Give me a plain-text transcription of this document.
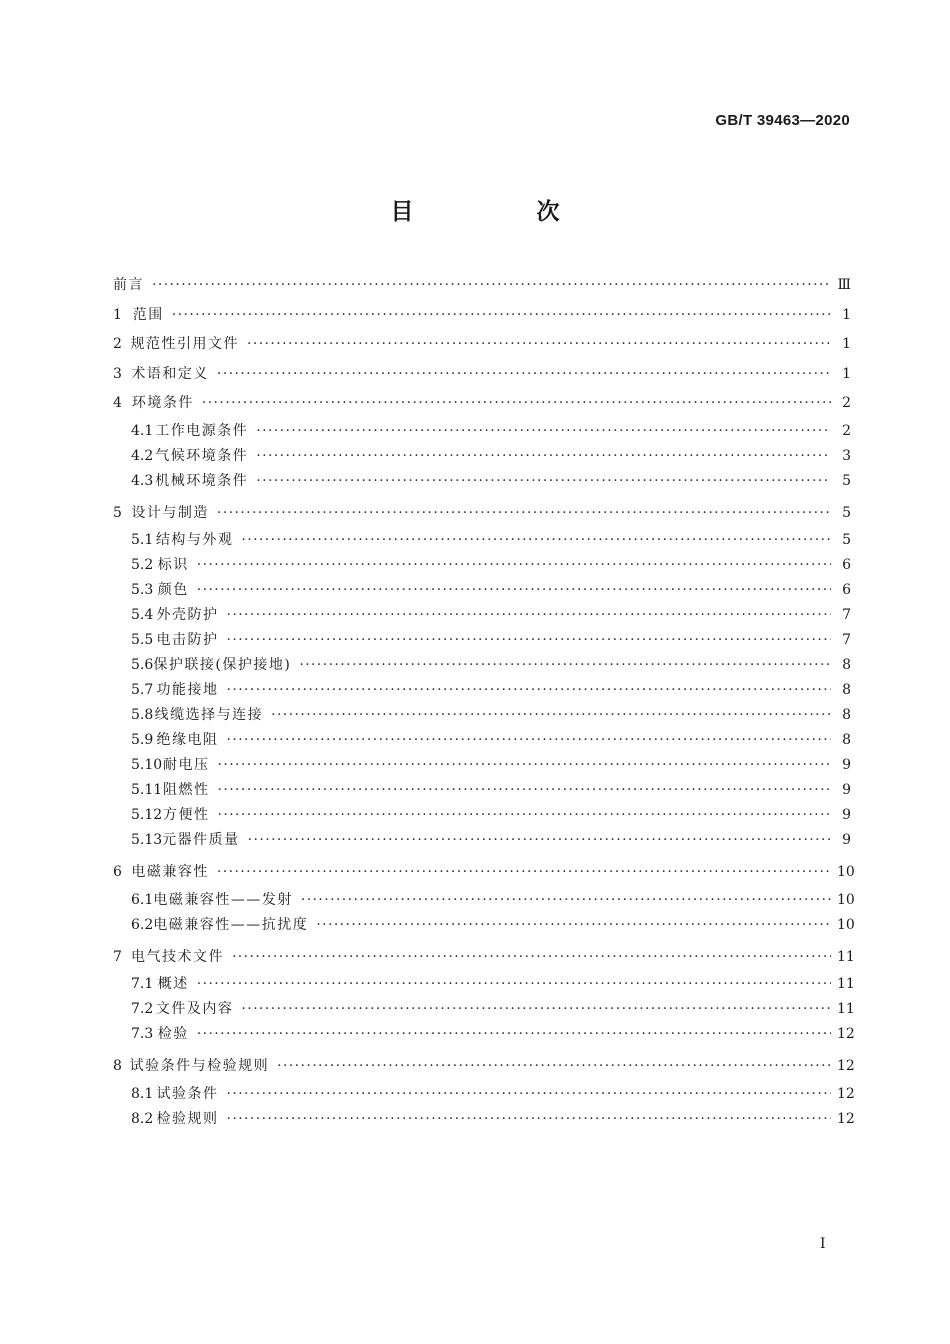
GB/T 39463—2020
目　次
前言 ·····	Ⅲ
1 范围 ·····	1
2 规范性引用文件 ·····	1
3 术语和定义 ·····	1
4 环境条件 ·····	2
4.1 工作电源条件 ·····	2
4.2 气候环境条件 ·····	3
4.3 机械环境条件 ·····	5
5 设计与制造 ·····	5
5.1 结构与外观 ·····	5
5.2 标识 ·····	6
5.3 颜色 ·····	6
5.4 外壳防护 ·····	7
5.5 电击防护 ·····	7
5.6 保护联接(保护接地) ·····	8
5.7 功能接地 ·····	8
5.8 线缆选择与连接 ·····	8
5.9 绝缘电阻 ·····	8
5.10 耐电压 ·····	9
5.11 阻燃性 ·····	9
5.12 方便性 ·····	9
5.13 元器件质量 ·····	9
6 电磁兼容性 ·····	10
6.1 电磁兼容性——发射 ·····	10
6.2 电磁兼容性——抗扰度 ·····	10
7 电气技术文件 ·····	11
7.1 概述 ·····	11
7.2 文件及内容 ·····	11
7.3 检验 ·····	12
8 试验条件与检验规则 ·····	12
8.1 试验条件 ·····	12
8.2 检验规则 ·····	12
I
